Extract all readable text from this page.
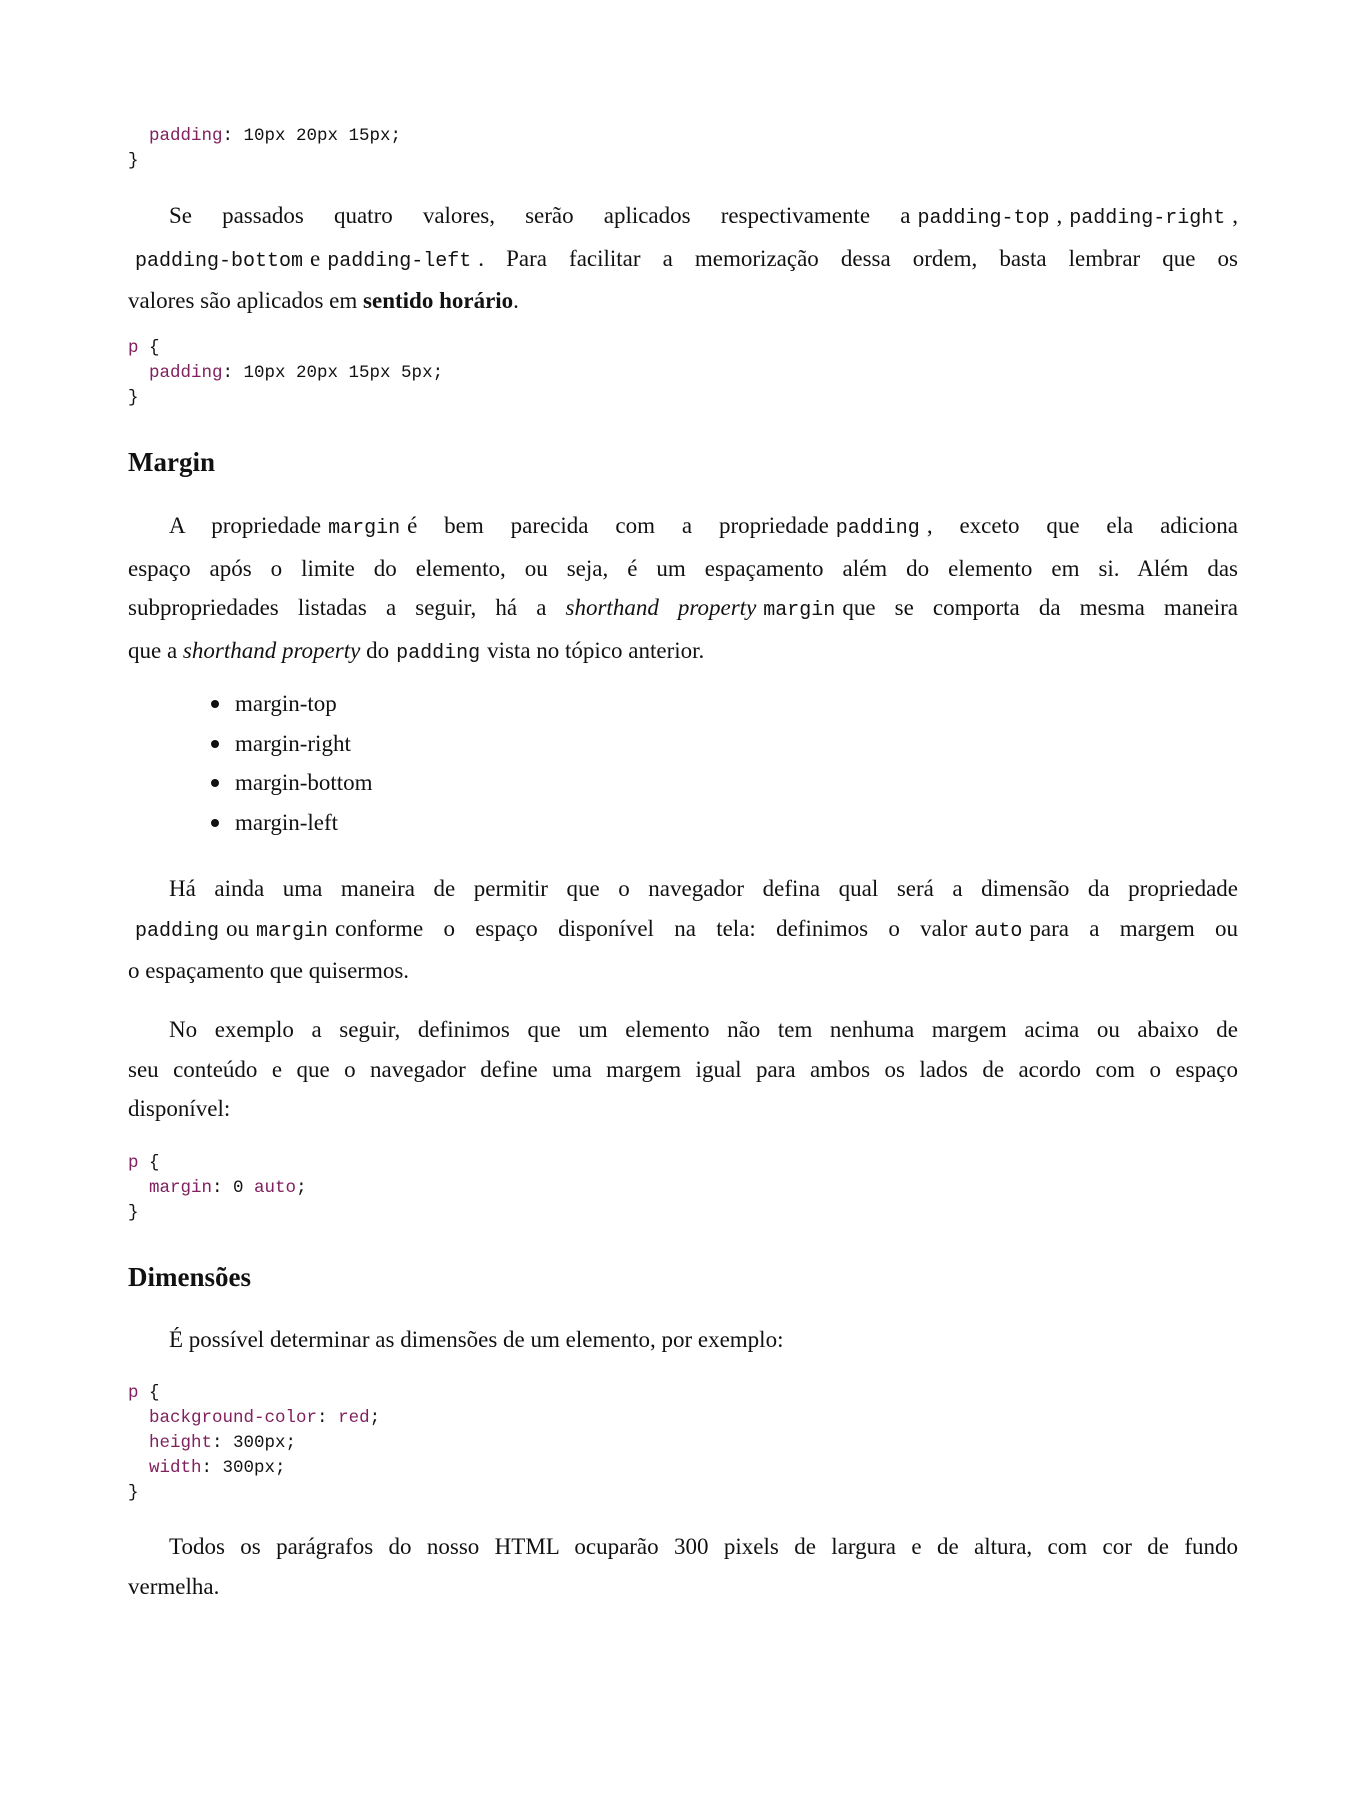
padding: 10px 20px 15px;
}
Se passados quatro valores, serão aplicados respectivamente a padding-top , padding-right ,
padding-bottom e padding-left . Para facilitar a memorização dessa ordem, basta lembrar que os
valores são aplicados em sentido horário.
p {
padding: 10px 20px 15px 5px;
}
Margin
A propriedade margin é bem parecida com a propriedade padding , exceto que ela adiciona
espaço após o limite do elemento, ou seja, é um espaçamento além do elemento em si. Além das
subpropriedades listadas a seguir, há a shorthand property margin que se comporta da mesma maneira
que a shorthand property do padding vista no tópico anterior.
margin-top
margin-right
margin-bottom
margin-left
Há ainda uma maneira de permitir que o navegador defina qual será a dimensão da propriedade
padding ou margin conforme o espaço disponível na tela: definimos o valor auto para a margem ou
o espaçamento que quisermos.
No exemplo a seguir, definimos que um elemento não tem nenhuma margem acima ou abaixo de
seu conteúdo e que o navegador define uma margem igual para ambos os lados de acordo com o espaço
disponível:
p {
margin: 0 auto;
}
Dimensões
É possível determinar as dimensões de um elemento, por exemplo:
p {
background-color: red;
height: 300px;
width: 300px;
}
Todos os parágrafos do nosso HTML ocuparão 300 pixels de largura e de altura, com cor de fundo
vermelha.
